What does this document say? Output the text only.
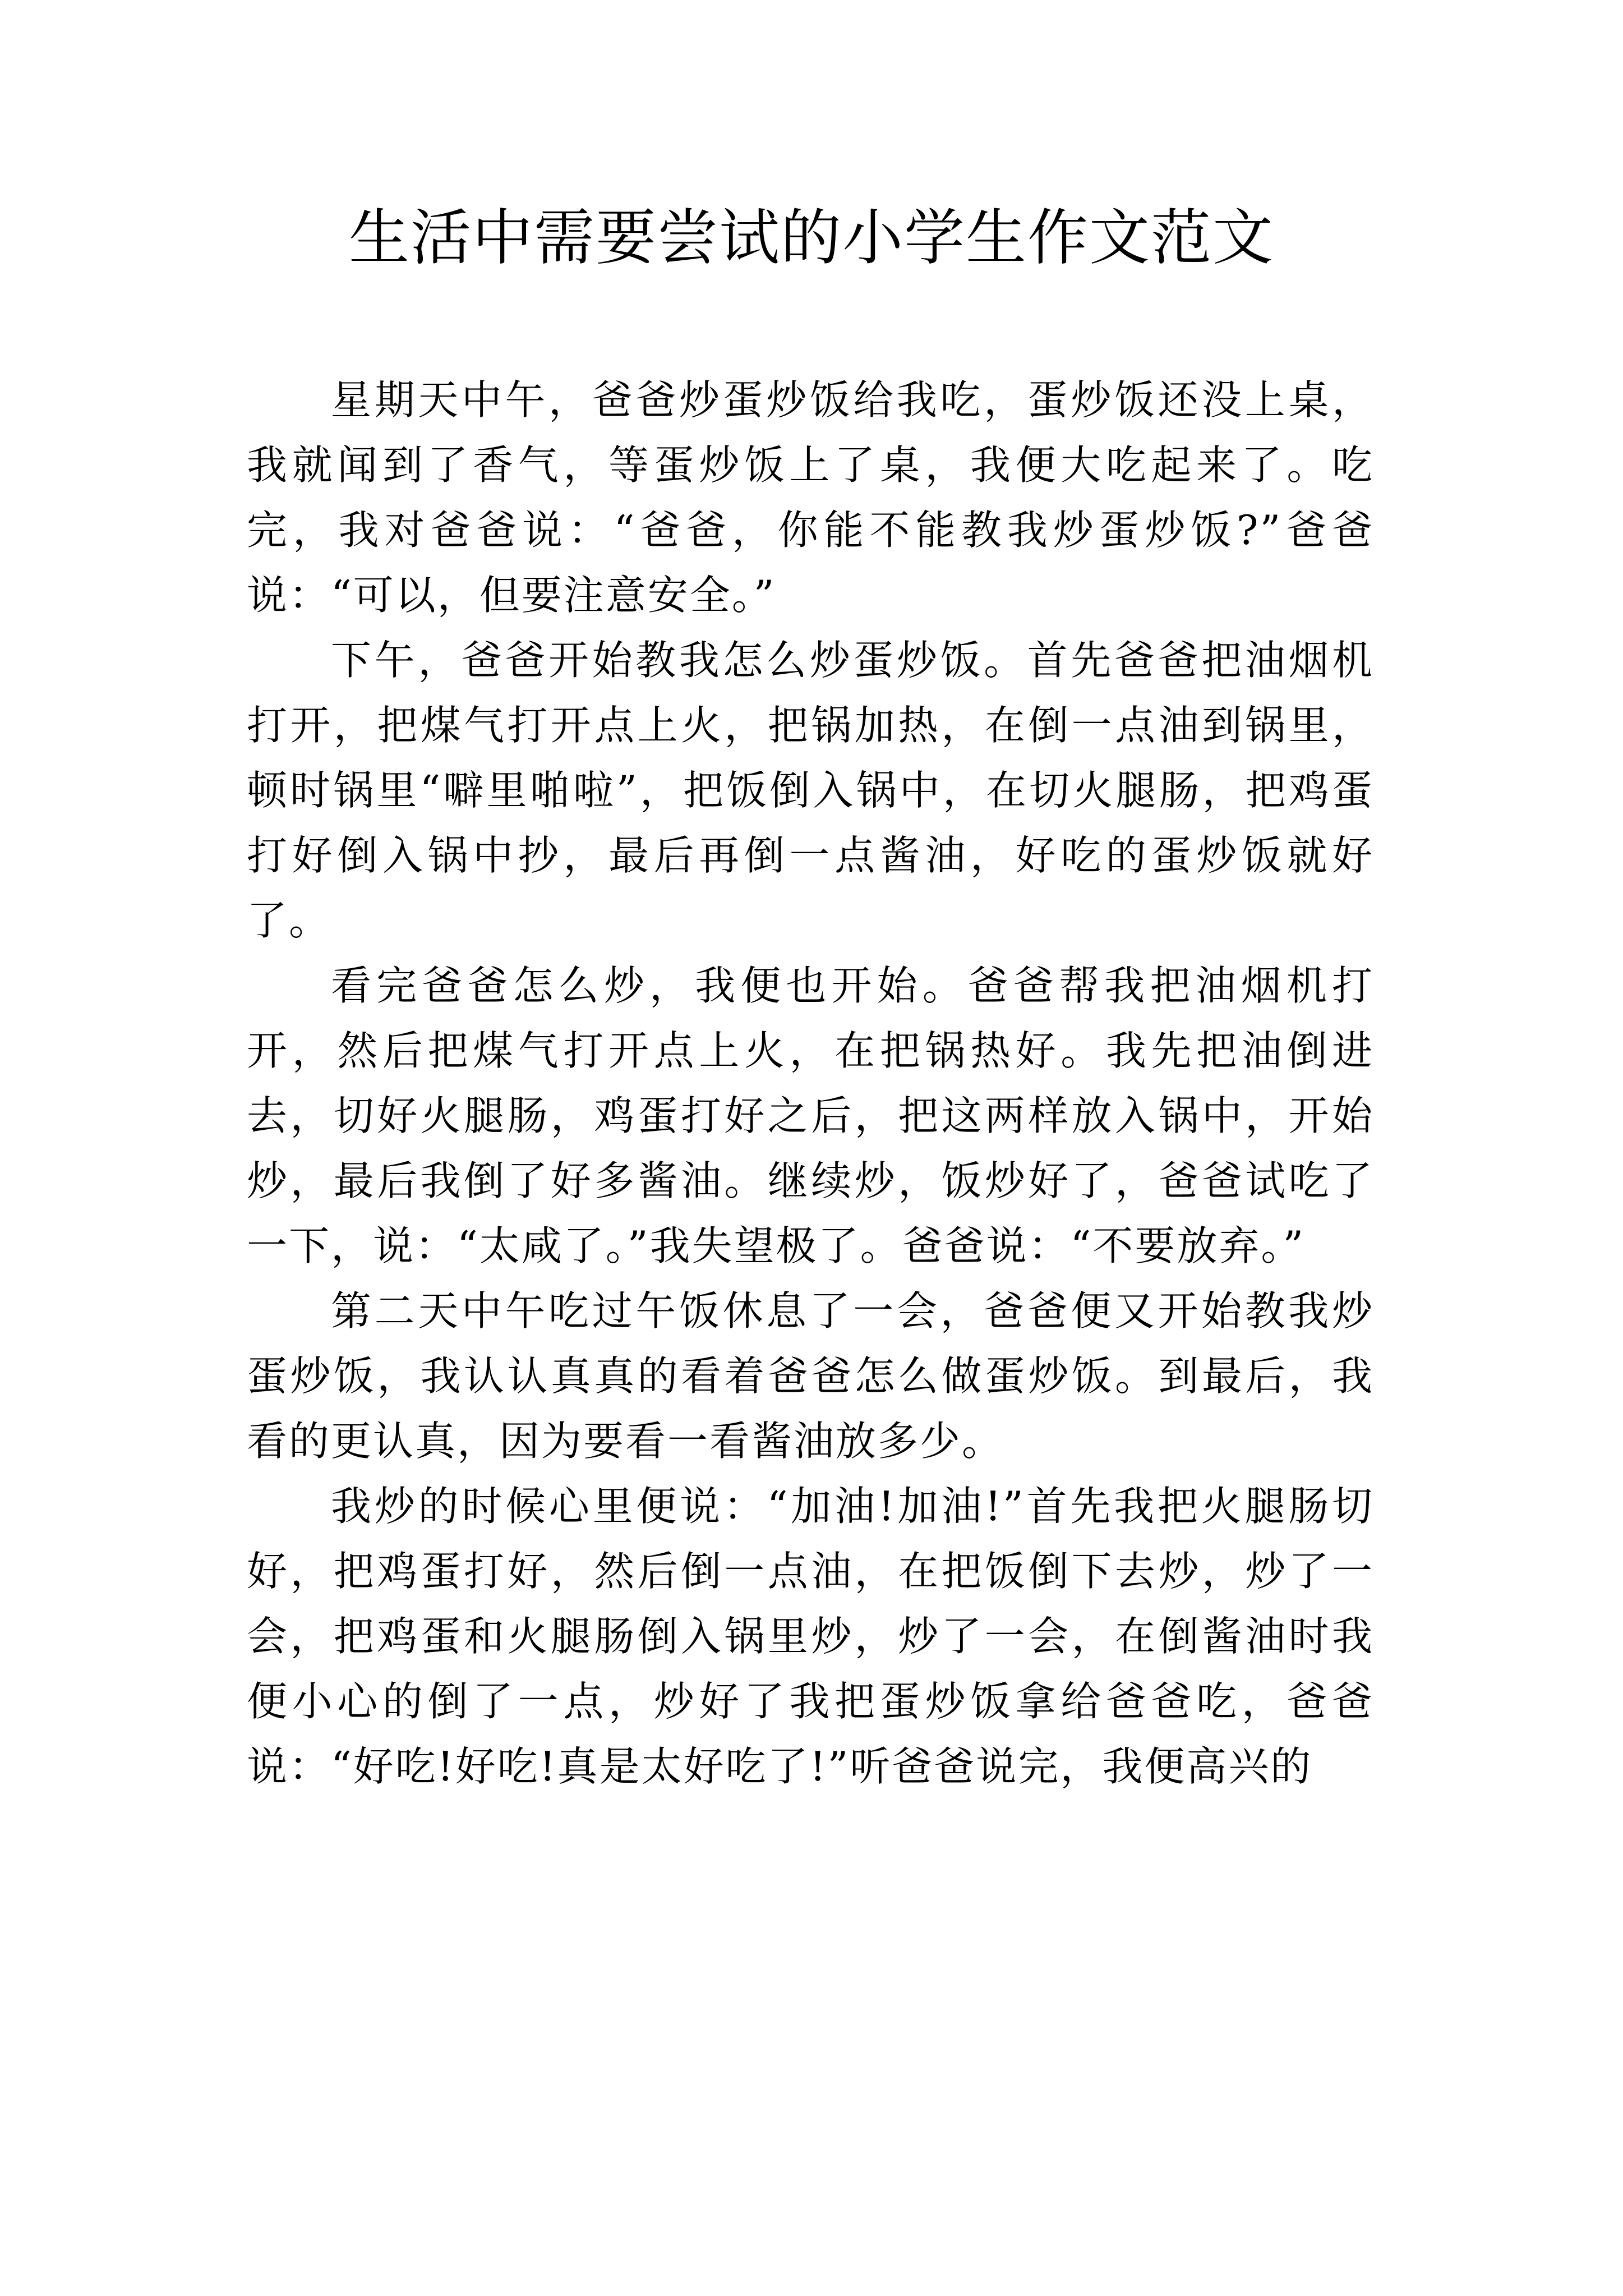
生活中需要尝试的小学生作文范文

星期天中午，爸爸炒蛋炒饭给我吃，蛋炒饭还没上桌，我就闻到了香气，等蛋炒饭上了桌，我便大吃起来了。吃完，我对爸爸说：“爸爸，你能不能教我炒蛋炒饭?”爸爸说：“可以，但要注意安全。”

下午，爸爸开始教我怎么炒蛋炒饭。首先爸爸把油烟机打开，把煤气打开点上火，把锅加热，在倒一点油到锅里，顿时锅里“噼里啪啦”，把饭倒入锅中，在切火腿肠，把鸡蛋打好倒入锅中抄，最后再倒一点酱油，好吃的蛋炒饭就好了。

看完爸爸怎么炒，我便也开始。爸爸帮我把油烟机打开，然后把煤气打开点上火，在把锅热好。我先把油倒进去，切好火腿肠，鸡蛋打好之后，把这两样放入锅中，开始炒，最后我倒了好多酱油。继续炒，饭炒好了，爸爸试吃了一下，说：“太咸了。”我失望极了。爸爸说：“不要放弃。”

第二天中午吃过午饭休息了一会，爸爸便又开始教我炒蛋炒饭，我认认真真的看着爸爸怎么做蛋炒饭。到最后，我看的更认真，因为要看一看酱油放多少。

我炒的时候心里便说：“加油!加油!”首先我把火腿肠切好，把鸡蛋打好，然后倒一点油，在把饭倒下去炒，炒了一会，把鸡蛋和火腿肠倒入锅里炒，炒了一会，在倒酱油时我便小心的倒了一点，炒好了我把蛋炒饭拿给爸爸吃，爸爸说：“好吃!好吃!真是太好吃了!”听爸爸说完，我便高兴的
